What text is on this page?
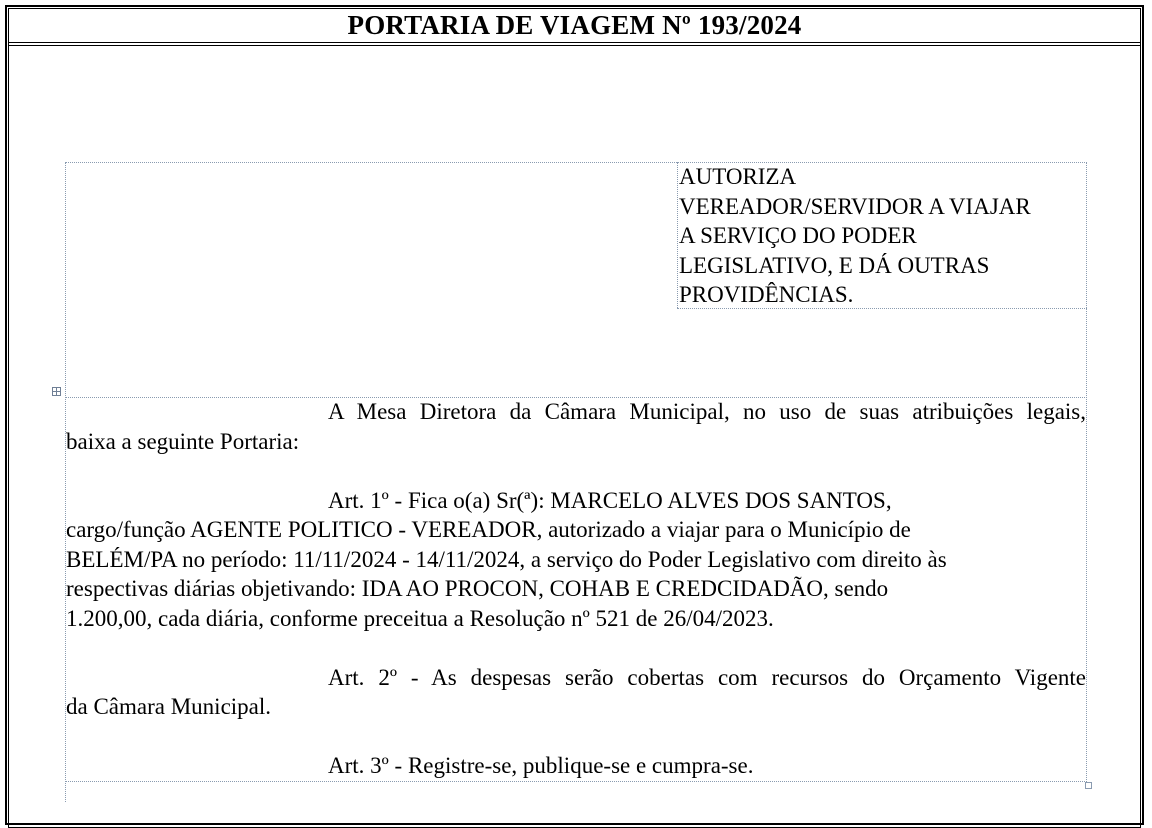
PORTARIA DE VIAGEM Nº 193/2024
AUTORIZA
VEREADOR/SERVIDOR A VIAJAR
A SERVIÇO DO PODER
LEGISLATIVO, E DÁ OUTRAS
PROVIDÊNCIAS.
A Mesa Diretora da Câmara Municipal, no uso de suas atribuições legais,
baixa a seguinte Portaria:
Art. 1º - Fica o(a) Sr(ª): MARCELO ALVES DOS SANTOS,
cargo/função AGENTE POLITICO - VEREADOR, autorizado a viajar para o Município de
BELÉM/PA no período: 11/11/2024 - 14/11/2024, a serviço do Poder Legislativo com direito às
respectivas diárias objetivando: IDA AO PROCON, COHAB E CREDCIDADÃO, sendo
1.200,00, cada diária, conforme preceitua a Resolução nº 521 de 26/04/2023.
Art. 2º - As despesas serão cobertas com recursos do Orçamento Vigente
da Câmara Municipal.
Art. 3º - Registre-se, publique-se e cumpra-se.
